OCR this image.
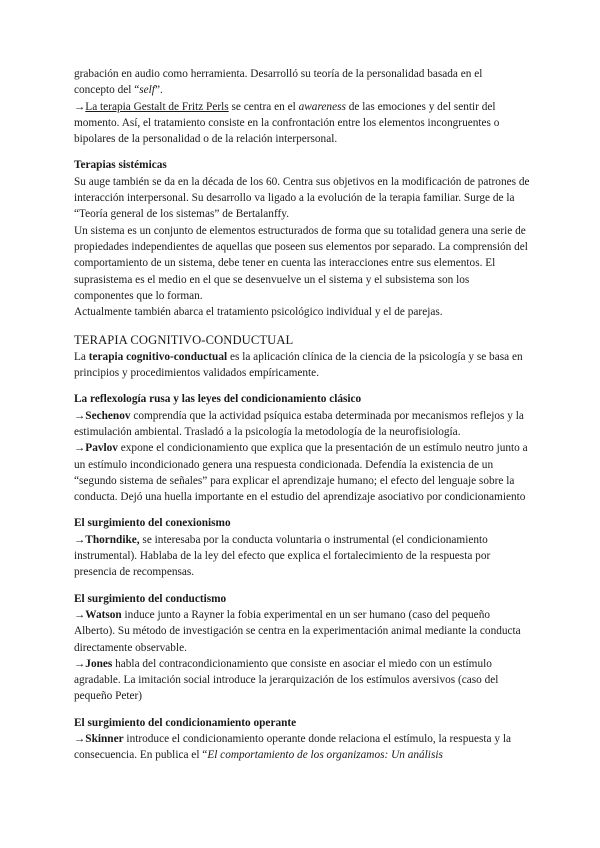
grabación en audio como herramienta. Desarrolló su teoría de la personalidad basada en el
concepto del “self”.

→La terapia Gestalt de Fritz Perls se centra en el awareness de las emociones y del sentir del momento. Así, el tratamiento consiste en la confrontación entre los elementos incongruentes o bipolares de la personalidad o de la relación interpersonal.

Terapias sistémicas

Su auge también se da en la década de los 60. Centra sus objetivos en la modificación de patrones de interacción interpersonal. Su desarrollo va ligado a la evolución de la terapia familiar. Surge de la “Teoría general de los sistemas” de Bertalanffy.

Un sistema es un conjunto de elementos estructurados de forma que su totalidad genera una serie de propiedades independientes de aquellas que poseen sus elementos por separado. La comprensión del comportamiento de un sistema, debe tener en cuenta las interacciones entre sus elementos. El suprasistema es el medio en el que se desenvuelve un el sistema y el subsistema son los componentes que lo forman.

Actualmente también abarca el tratamiento psicológico individual y el de parejas.

TERAPIA COGNITIVO-CONDUCTUAL

La terapia cognitivo-conductual es la aplicación clínica de la ciencia de la psicología y se basa en principios y procedimientos validados empíricamente.

La reflexología rusa y las leyes del condicionamiento clásico

→Sechenov comprendía que la actividad psíquica estaba determinada por mecanismos reflejos y la estimulación ambiental. Trasladó a la psicología la metodología de la neurofisiología.

→Pavlov expone el condicionamiento que explica que la presentación de un estímulo neutro junto a un estímulo incondicionado genera una respuesta condicionada. Defendía la existencia de un “segundo sistema de señales” para explicar el aprendizaje humano; el efecto del lenguaje sobre la conducta. Dejó una huella importante en el estudio del aprendizaje asociativo por condicionamiento

El surgimiento del conexionismo

→Thorndike, se interesaba por la conducta voluntaria o instrumental (el condicionamiento instrumental). Hablaba de la ley del efecto que explica el fortalecimiento de la respuesta por presencia de recompensas.

El surgimiento del conductismo

→Watson induce junto a Rayner la fobia experimental en un ser humano (caso del pequeño Alberto). Su método de investigación se centra en la experimentación animal mediante la conducta directamente observable.

→Jones habla del contracondicionamiento que consiste en asociar el miedo con un estímulo agradable. La imitación social introduce la jerarquización de los estímulos aversivos (caso del pequeño Peter)

El surgimiento del condicionamiento operante

→Skinner introduce el condicionamiento operante donde relaciona el estímulo, la respuesta y la consecuencia. En publica el “El comportamiento de los organizamos: Un análisis
